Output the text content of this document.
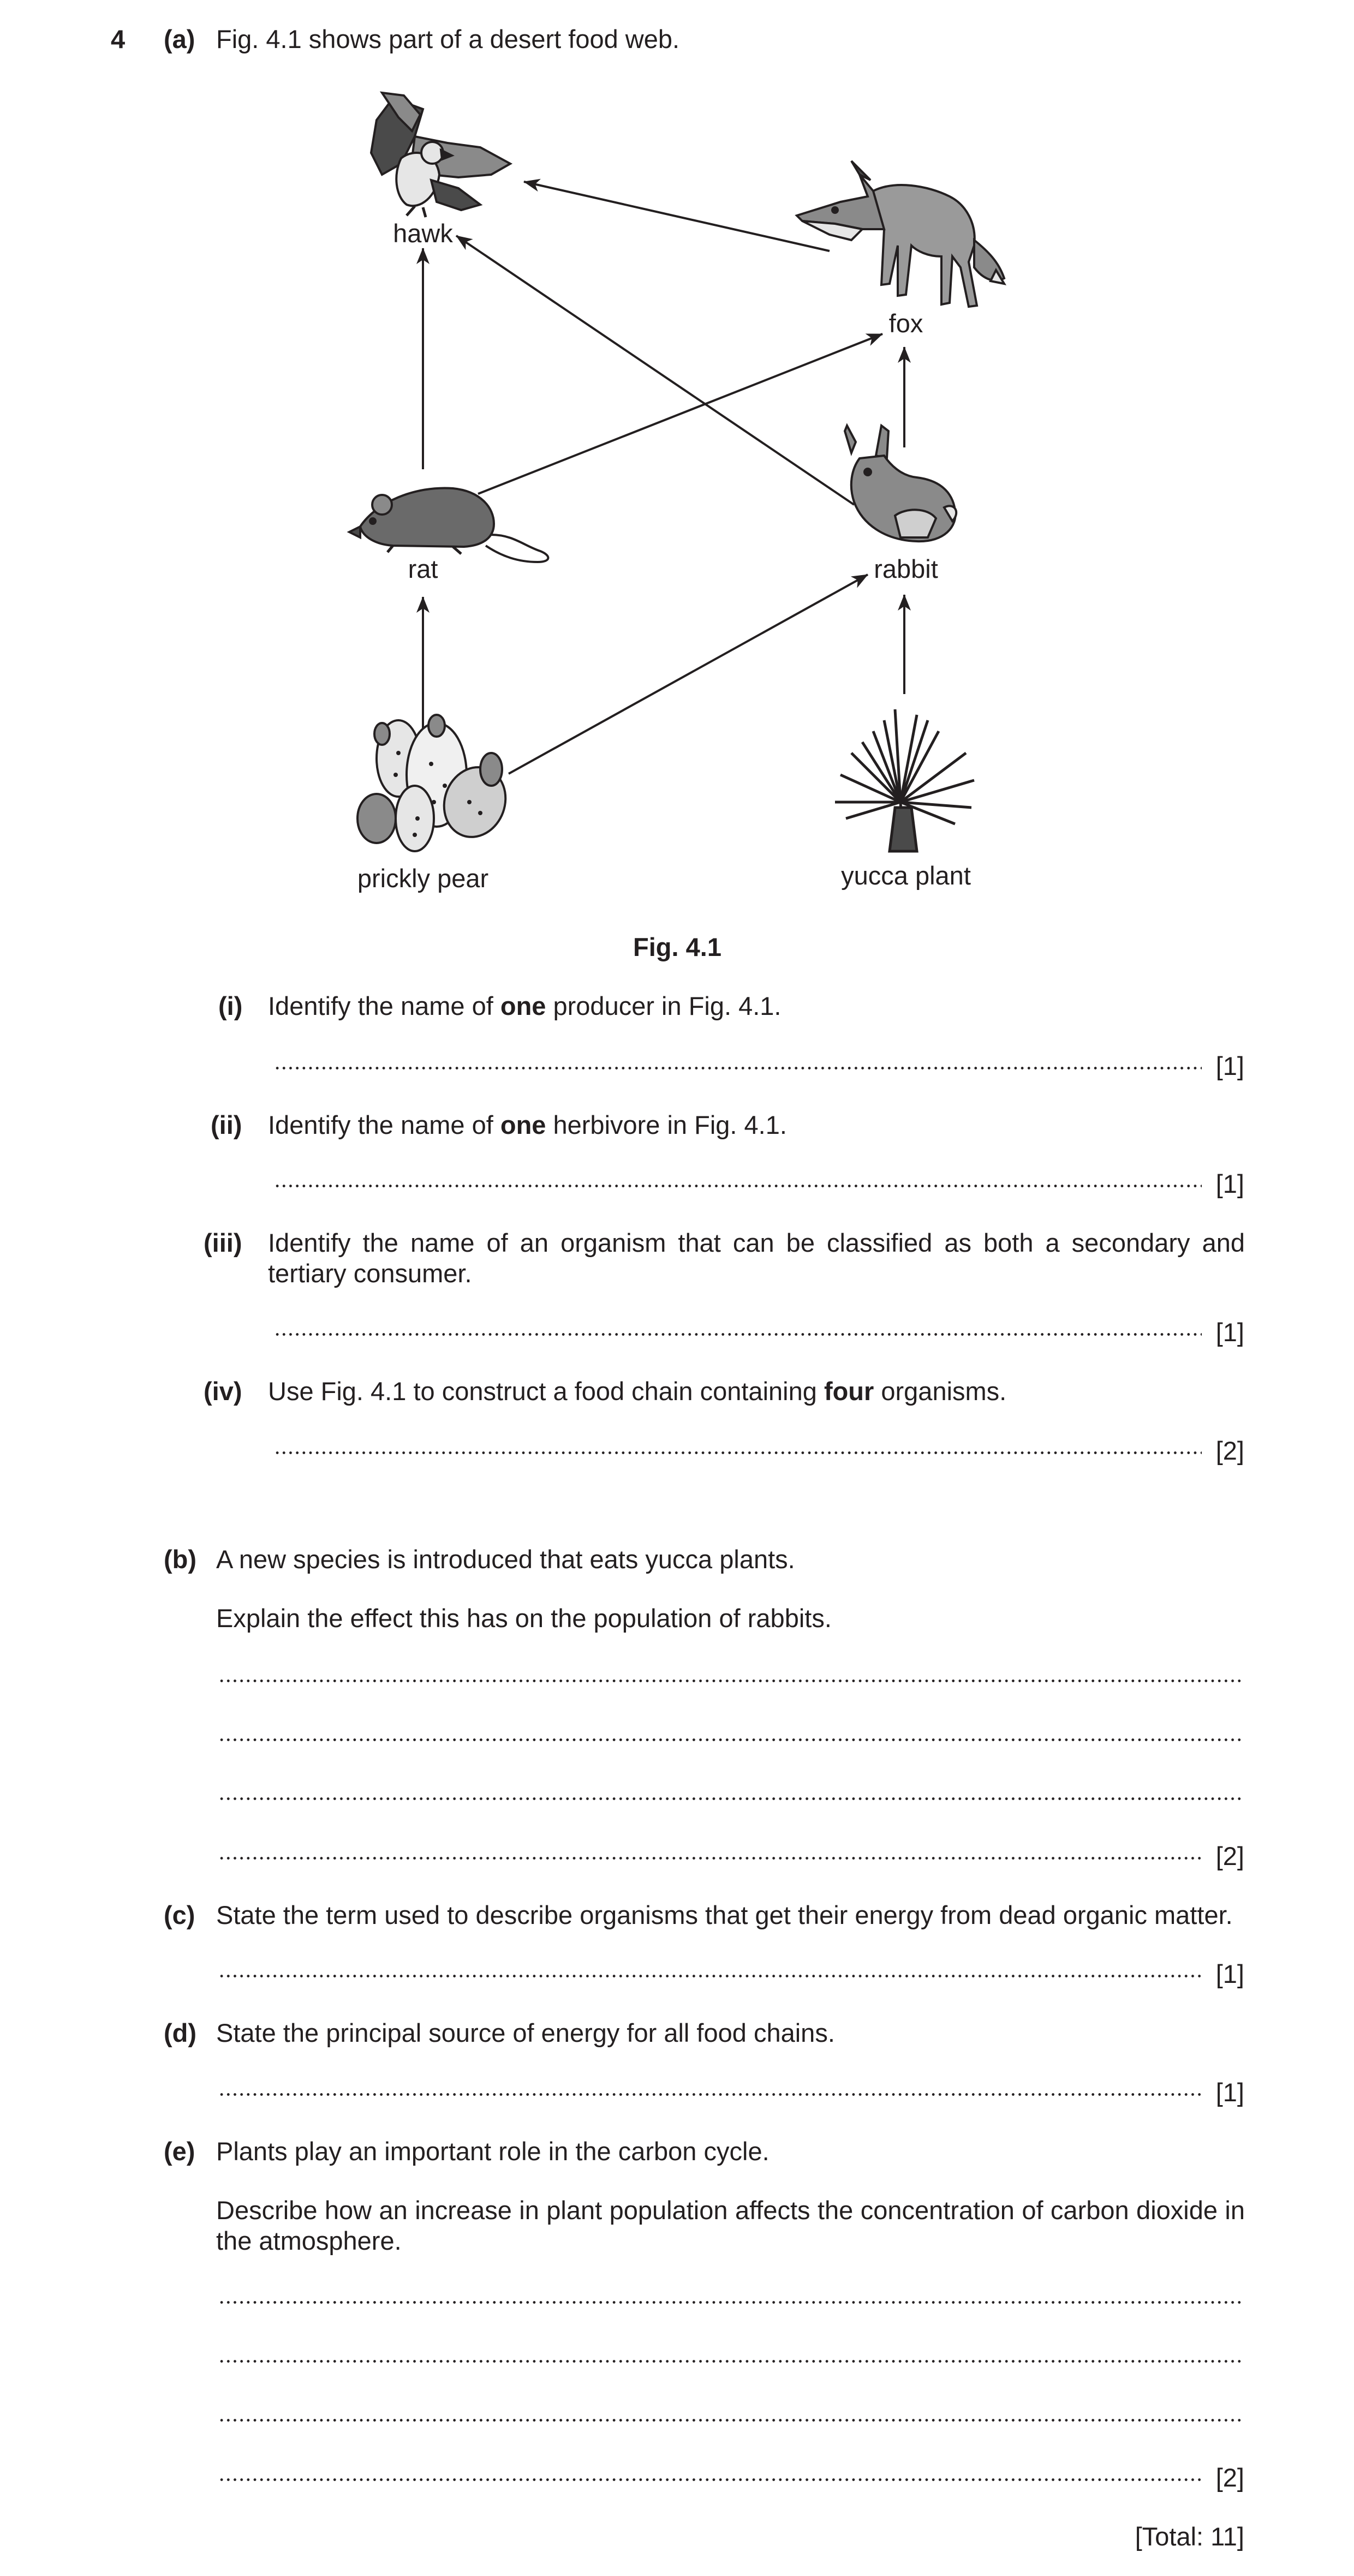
4 (a) Fig. 4.1 shows part of a desert food web.
hawk
fox
rat	rabbit
prickly pear	yucca plant
Fig. 4.1
(i) Identify the name of one producer in Fig. 4.1.
[1]
(ii) Identify the name of one herbivore in Fig. 4.1.
[1]
(iii) Identify the name of an organism that can be classified as both a secondary and tertiary consumer.
[1]
(iv) Use Fig. 4.1 to construct a food chain containing four organisms.
[2]
(b) A new species is introduced that eats yucca plants.
Explain the effect this has on the population of rabbits.
[2]
(c) State the term used to describe organisms that get their energy from dead organic matter.
[1]
(d) State the principal source of energy for all food chains.
[1]
(e) Plants play an important role in the carbon cycle.
Describe how an increase in plant population affects the concentration of carbon dioxide in the atmosphere.
[2]
[Total: 11]
